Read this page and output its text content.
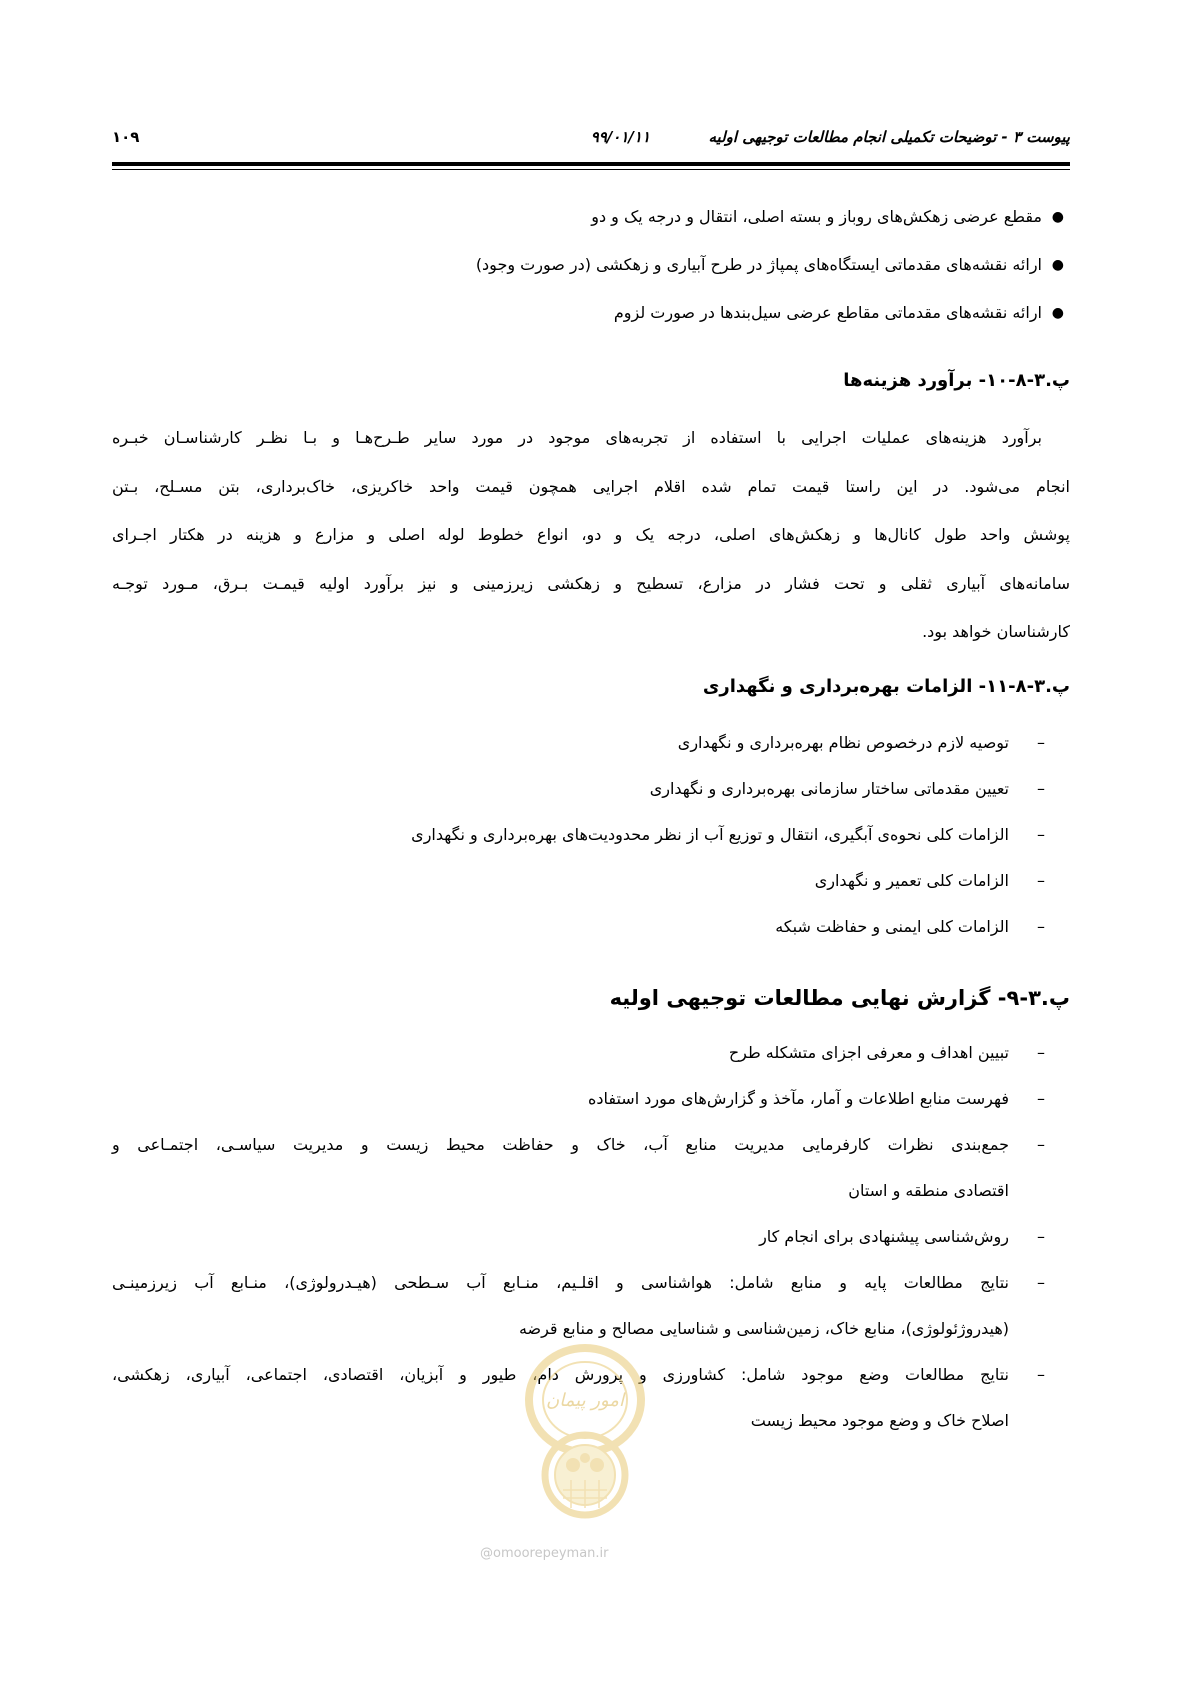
پیوست ۳ - توضیحات تکمیلی انجام مطالعات توجیهی اولیه
۹۹/۰۱/۱۱
۱۰۹
●
مقطع عرضی زهکش‌های روباز و بسته اصلی، انتقال و درجه یک و دو
●
ارائه نقشه‌های مقدماتی ایستگاه‌های پمپاژ در طرح آبیاری و زهکشی (در صورت وجود)
●
ارائه نقشه‌های مقدماتی مقاطع عرضی سیل‌بندها در صورت لزوم
پ.۳-۸-۱۰- برآورد هزینه‌ها
برآورد هزینه‌های عملیات اجرایی با استفاده از تجربه‌های موجود در مورد سایر طـرح‌هـا و بـا نظـر کارشناسـان خبـره
انجام می‌شود. در این راستا قیمت تمام شده اقلام اجرایی همچون قیمت واحد خاکریزی، خاک‌برداری، بتن مسـلح، بـتن
پوشش واحد طول کانال‌ها و زهکش‌های اصلی، درجه یک و دو، انواع خطوط لوله اصلی و مزارع و هزینه در هکتار اجـرای
سامانه‌های آبیاری ثقلی و تحت فشار در مزارع، تسطیح و زهکشی زیرزمینی و نیز برآورد اولیه قیمـت بـرق، مـورد توجـه
کارشناسان خواهد بود.
پ.۳-۸-۱۱- الزامات بهره‌برداری و نگهداری
–
توصیه لازم درخصوص نظام بهره‌برداری و نگهداری
–
تعیین مقدماتی ساختار سازمانی بهره‌برداری و نگهداری
–
الزامات کلی نحوه‌ی آبگیری، انتقال و توزیع آب از نظر محدودیت‌های بهره‌برداری و نگهداری
–
الزامات کلی تعمیر و نگهداری
–
الزامات کلی ایمنی و حفاظت شبکه
پ.۳-۹- گزارش نهایی مطالعات توجیهی اولیه
–
تبیین اهداف و معرفی اجزای متشکله طرح
–
فهرست منابع اطلاعات و آمار، مآخذ و گزارش‌های مورد استفاده
–
جمع‌بندی نظرات کارفرمایی مدیریت منابع آب، خاک و حفاظت محیط زیست و مدیریت سیاسـی، اجتمـاعی و
اقتصادی منطقه و استان
–
روش‌شناسی پیشنهادی برای انجام کار
–
نتایج مطالعات پایه و منابع شامل: هواشناسی و اقلـیم، منـابع آب سـطحی (هیـدرولوژی)، منـابع آب زیرزمینـی
(هیدروژئولوژی)، منابع خاک، زمین‌شناسی و شناسایی مصالح و منابع قرضه
–
نتایج مطالعات وضع موجود شامل: کشاورزی و پرورش دام، طیور و آبزیان، اقتصادی، اجتماعی، آبیاری، زهکشی،
اصلاح خاک و وضع موجود محیط زیست
امور پیمان
@omoorepeyman.ir
